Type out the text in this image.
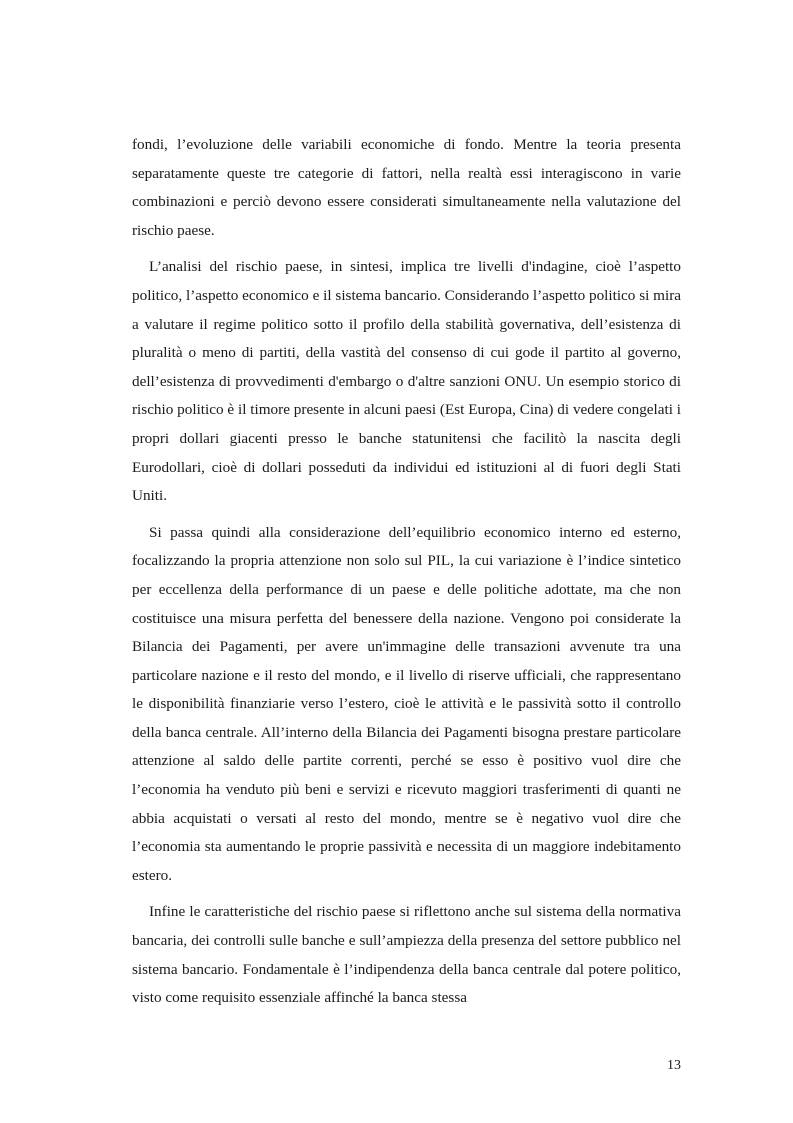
fondi, l’evoluzione delle variabili economiche di fondo. Mentre la teoria presenta separatamente queste tre categorie di fattori, nella realtà essi interagiscono in varie combinazioni e perciò devono essere considerati simultaneamente nella valutazione del rischio paese.

L’analisi del rischio paese, in sintesi, implica tre livelli d'indagine, cioè l’aspetto politico, l’aspetto economico e il sistema bancario. Considerando l’aspetto politico si mira a valutare il regime politico sotto il profilo della stabilità governativa, dell’esistenza di pluralità o meno di partiti, della vastità del consenso di cui gode il partito al governo, dell’esistenza di provvedimenti d'embargo o d'altre sanzioni ONU. Un esempio storico di rischio politico è il timore presente in alcuni paesi (Est Europa, Cina) di vedere congelati i propri dollari giacenti presso le banche statunitensi che facilitò la nascita degli Eurodollari, cioè di dollari posseduti da individui ed istituzioni al di fuori degli Stati Uniti.

Si passa quindi alla considerazione dell’equilibrio economico interno ed esterno, focalizzando la propria attenzione non solo sul PIL, la cui variazione è l’indice sintetico per eccellenza della performance di un paese e delle politiche adottate, ma che non costituisce una misura perfetta del benessere della nazione. Vengono poi considerate la Bilancia dei Pagamenti, per avere un'immagine delle transazioni avvenute tra una particolare nazione e il resto del mondo, e il livello di riserve ufficiali, che rappresentano le disponibilità finanziarie verso l’estero, cioè le attività e le passività sotto il controllo della banca centrale. All’interno della Bilancia dei Pagamenti bisogna prestare particolare attenzione al saldo delle partite correnti, perché se esso è positivo vuol dire che l’economia ha venduto più beni e servizi e ricevuto maggiori trasferimenti di quanti ne abbia acquistati o versati al resto del mondo, mentre se è negativo vuol dire che l’economia sta aumentando le proprie passività e necessita di un maggiore indebitamento estero.

Infine le caratteristiche del rischio paese si riflettono anche sul sistema della normativa bancaria, dei controlli sulle banche e sull’ampiezza della presenza del settore pubblico nel sistema bancario. Fondamentale è l’indipendenza della banca centrale dal potere politico, visto come requisito essenziale affinché la banca stessa

13
